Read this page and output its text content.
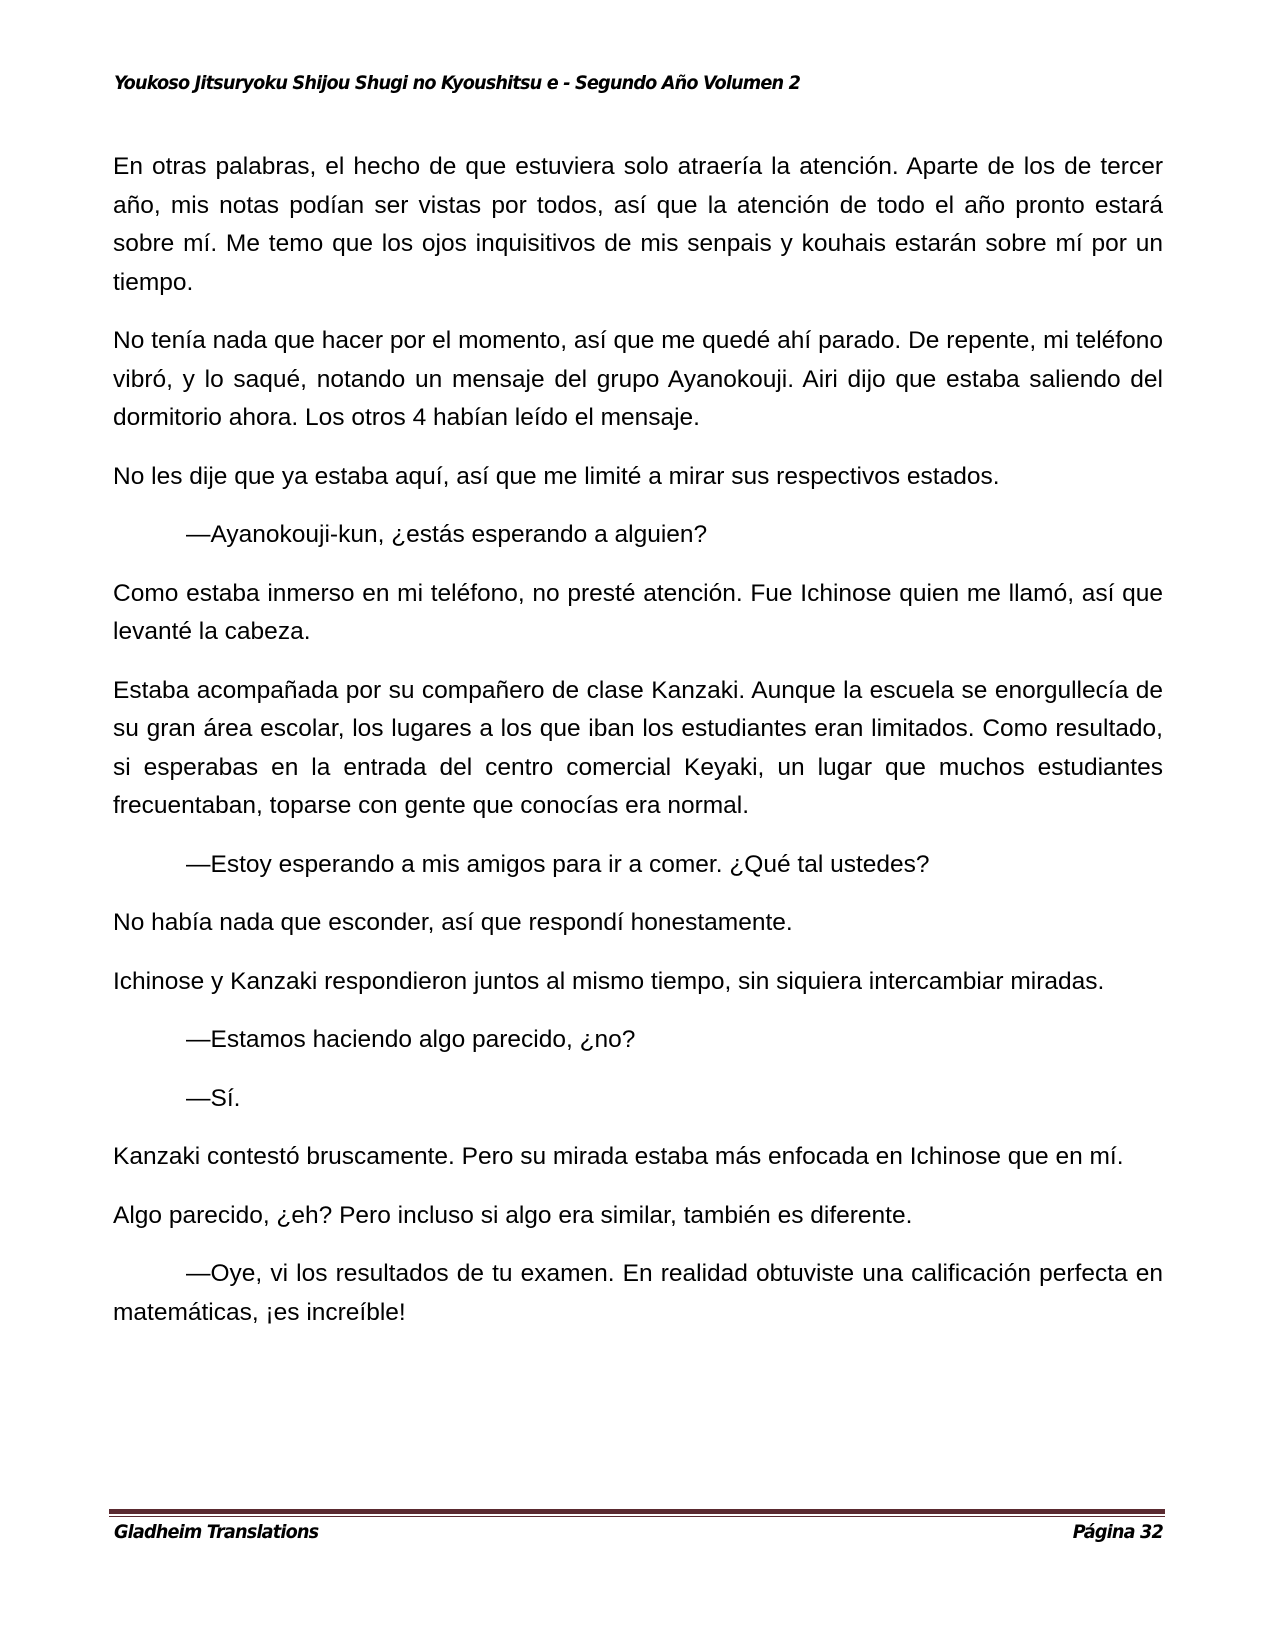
Youkoso Jitsuryoku Shijou Shugi no Kyoushitsu e - Segundo Año Volumen 2

En otras palabras, el hecho de que estuviera solo atraería la atención. Aparte de los de tercer año, mis notas podían ser vistas por todos, así que la atención de todo el año pronto estará sobre mí. Me temo que los ojos inquisitivos de mis senpais y kouhais estarán sobre mí por un tiempo.

No tenía nada que hacer por el momento, así que me quedé ahí parado. De repente, mi teléfono vibró, y lo saqué, notando un mensaje del grupo Ayanokouji. Airi dijo que estaba saliendo del dormitorio ahora. Los otros 4 habían leído el mensaje.

No les dije que ya estaba aquí, así que me limité a mirar sus respectivos estados.

—Ayanokouji-kun, ¿estás esperando a alguien?

Como estaba inmerso en mi teléfono, no presté atención. Fue Ichinose quien me llamó, así que levanté la cabeza.

Estaba acompañada por su compañero de clase Kanzaki. Aunque la escuela se enorgullecía de su gran área escolar, los lugares a los que iban los estudiantes eran limitados. Como resultado, si esperabas en la entrada del centro comercial Keyaki, un lugar que muchos estudiantes frecuentaban, toparse con gente que conocías era normal.

—Estoy esperando a mis amigos para ir a comer. ¿Qué tal ustedes?

No había nada que esconder, así que respondí honestamente.

Ichinose y Kanzaki respondieron juntos al mismo tiempo, sin siquiera intercambiar miradas.

—Estamos haciendo algo parecido, ¿no?

—Sí.

Kanzaki contestó bruscamente. Pero su mirada estaba más enfocada en Ichinose que en mí.

Algo parecido, ¿eh? Pero incluso si algo era similar, también es diferente.

—Oye, vi los resultados de tu examen. En realidad obtuviste una calificación perfecta en matemáticas, ¡es increíble!

Gladheim Translations	Página 32
